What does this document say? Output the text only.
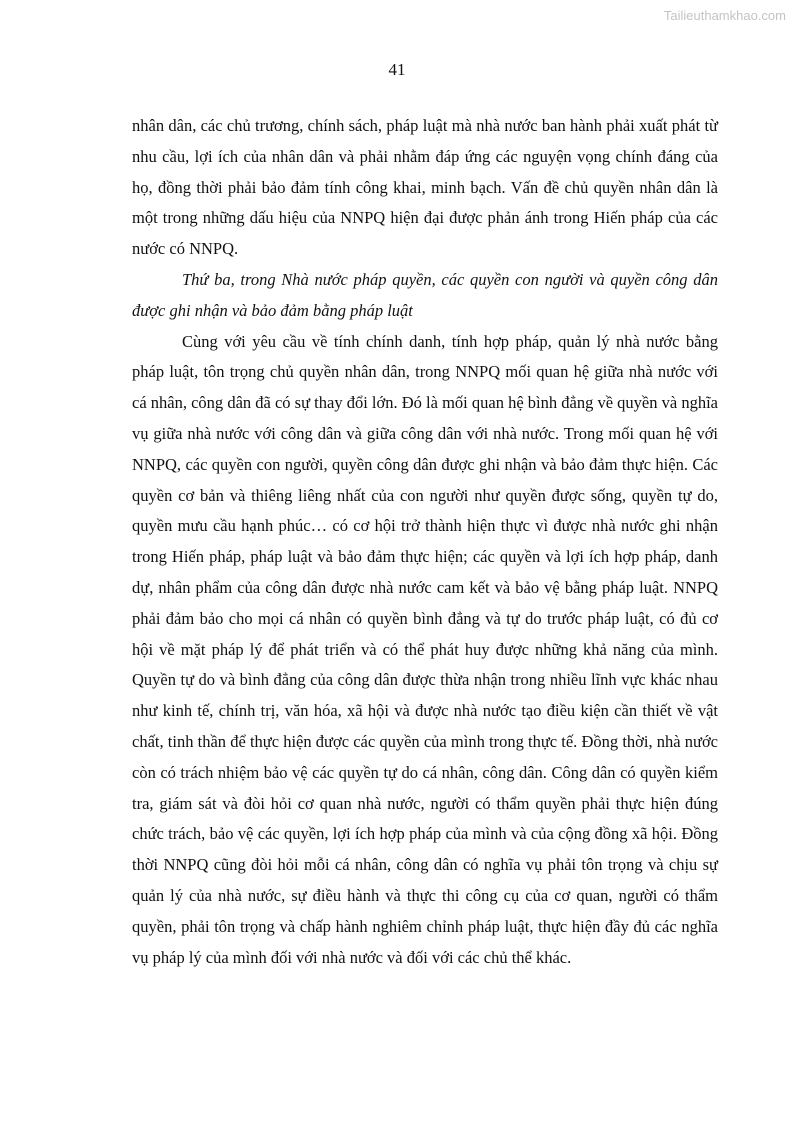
Tailieuthamkhao.com
41

nhân dân, các chủ trương, chính sách, pháp luật mà nhà nước ban hành phải xuất phát từ nhu cầu, lợi ích của nhân dân và phải nhằm đáp ứng các nguyện vọng chính đáng của họ, đồng thời phải bảo đảm tính công khai, minh bạch. Vấn đề chủ quyền nhân dân là một trong những dấu hiệu của NNPQ hiện đại được phản ánh trong Hiến pháp của các nước có NNPQ.

Thứ ba, trong Nhà nước pháp quyền, các quyền con người và quyền công dân được ghi nhận và bảo đảm bằng pháp luật

Cùng với yêu cầu về tính chính danh, tính hợp pháp, quản lý nhà nước bằng pháp luật, tôn trọng chủ quyền nhân dân, trong NNPQ mối quan hệ giữa nhà nước với cá nhân, công dân đã có sự thay đổi lớn. Đó là mối quan hệ bình đẳng về quyền và nghĩa vụ giữa nhà nước với công dân và giữa công dân với nhà nước. Trong mối quan hệ với NNPQ, các quyền con người, quyền công dân được ghi nhận và bảo đảm thực hiện. Các quyền cơ bản và thiêng liêng nhất của con người như quyền được sống, quyền tự do, quyền mưu cầu hạnh phúc… có cơ hội trở thành hiện thực vì được nhà nước ghi nhận trong Hiến pháp, pháp luật và bảo đảm thực hiện; các quyền và lợi ích hợp pháp, danh dự, nhân phẩm của công dân được nhà nước cam kết và bảo vệ bằng pháp luật. NNPQ phải đảm bảo cho mọi cá nhân có quyền bình đẳng và tự do trước pháp luật, có đủ cơ hội về mặt pháp lý để phát triển và có thể phát huy được những khả năng của mình. Quyền tự do và bình đẳng của công dân được thừa nhận trong nhiều lĩnh vực khác nhau như kinh tế, chính trị, văn hóa, xã hội và được nhà nước tạo điều kiện cần thiết về vật chất, tinh thần để thực hiện được các quyền của mình trong thực tế. Đồng thời, nhà nước còn có trách nhiệm bảo vệ các quyền tự do cá nhân, công dân. Công dân có quyền kiểm tra, giám sát và đòi hỏi cơ quan nhà nước, người có thẩm quyền phải thực hiện đúng chức trách, bảo vệ các quyền, lợi ích hợp pháp của mình và của cộng đồng xã hội. Đồng thời NNPQ cũng đòi hỏi mỗi cá nhân, công dân có nghĩa vụ phải tôn trọng và chịu sự quản lý của nhà nước, sự điều hành và thực thi công cụ của cơ quan, người có thẩm quyền, phải tôn trọng và chấp hành nghiêm chỉnh pháp luật, thực hiện đầy đủ các nghĩa vụ pháp lý của mình đối với nhà nước và đối với các chủ thể khác.
